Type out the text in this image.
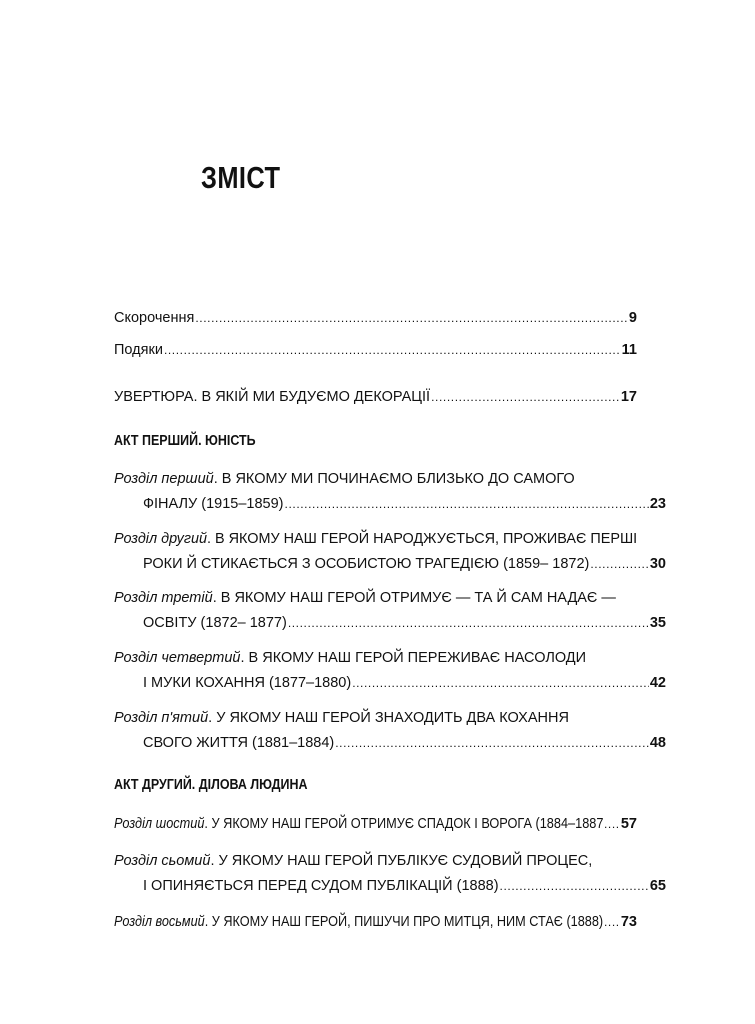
ЗМІСТ
Скорочення .....	9
Подяки .....	11
УВЕРТЮРА. В ЯКІЙ МИ БУДУЄМО ДЕКОРАЦІЇ .....	17
АКТ ПЕРШИЙ. ЮНІСТЬ
Розділ перший. В ЯКОМУ МИ ПОЧИНАЄМО БЛИЗЬКО ДО САМОГО
ФІНАЛУ (1915–1859) .....	23
Розділ другий. В ЯКОМУ НАШ ГЕРОЙ НАРОДЖУЄТЬСЯ, ПРОЖИВАЄ ПЕРШІ
РОКИ Й СТИКАЄТЬСЯ З ОСОБИСТОЮ ТРАГЕДІЄЮ (1859– 1872) .....	30
Розділ третій. В ЯКОМУ НАШ ГЕРОЙ ОТРИМУЄ — ТА Й САМ НАДАЄ —
ОСВІТУ (1872– 1877) .....	35
Розділ четвертий. В ЯКОМУ НАШ ГЕРОЙ ПЕРЕЖИВАЄ НАСОЛОДИ
І МУКИ КОХАННЯ (1877–1880) .....	42
Розділ п'ятий. У ЯКОМУ НАШ ГЕРОЙ ЗНАХОДИТЬ ДВА КОХАННЯ
СВОГО ЖИТТЯ (1881–1884) .....	48
АКТ ДРУГИЙ. ДІЛОВА ЛЮДИНА
Розділ шостий. У ЯКОМУ НАШ ГЕРОЙ ОТРИМУЄ СПАДОК І ВОРОГА (1884–1887 ..... 57
Розділ сьомий. У ЯКОМУ НАШ ГЕРОЙ ПУБЛІКУЄ СУДОВИЙ ПРОЦЕС,
І ОПИНЯЄТЬСЯ ПЕРЕД СУДОМ ПУБЛІКАЦІЙ (1888) .....	65
Розділ восьмий. У ЯКОМУ НАШ ГЕРОЙ, ПИШУЧИ ПРО МИТЦЯ, НИМ СТАЄ (1888) ..... 73
